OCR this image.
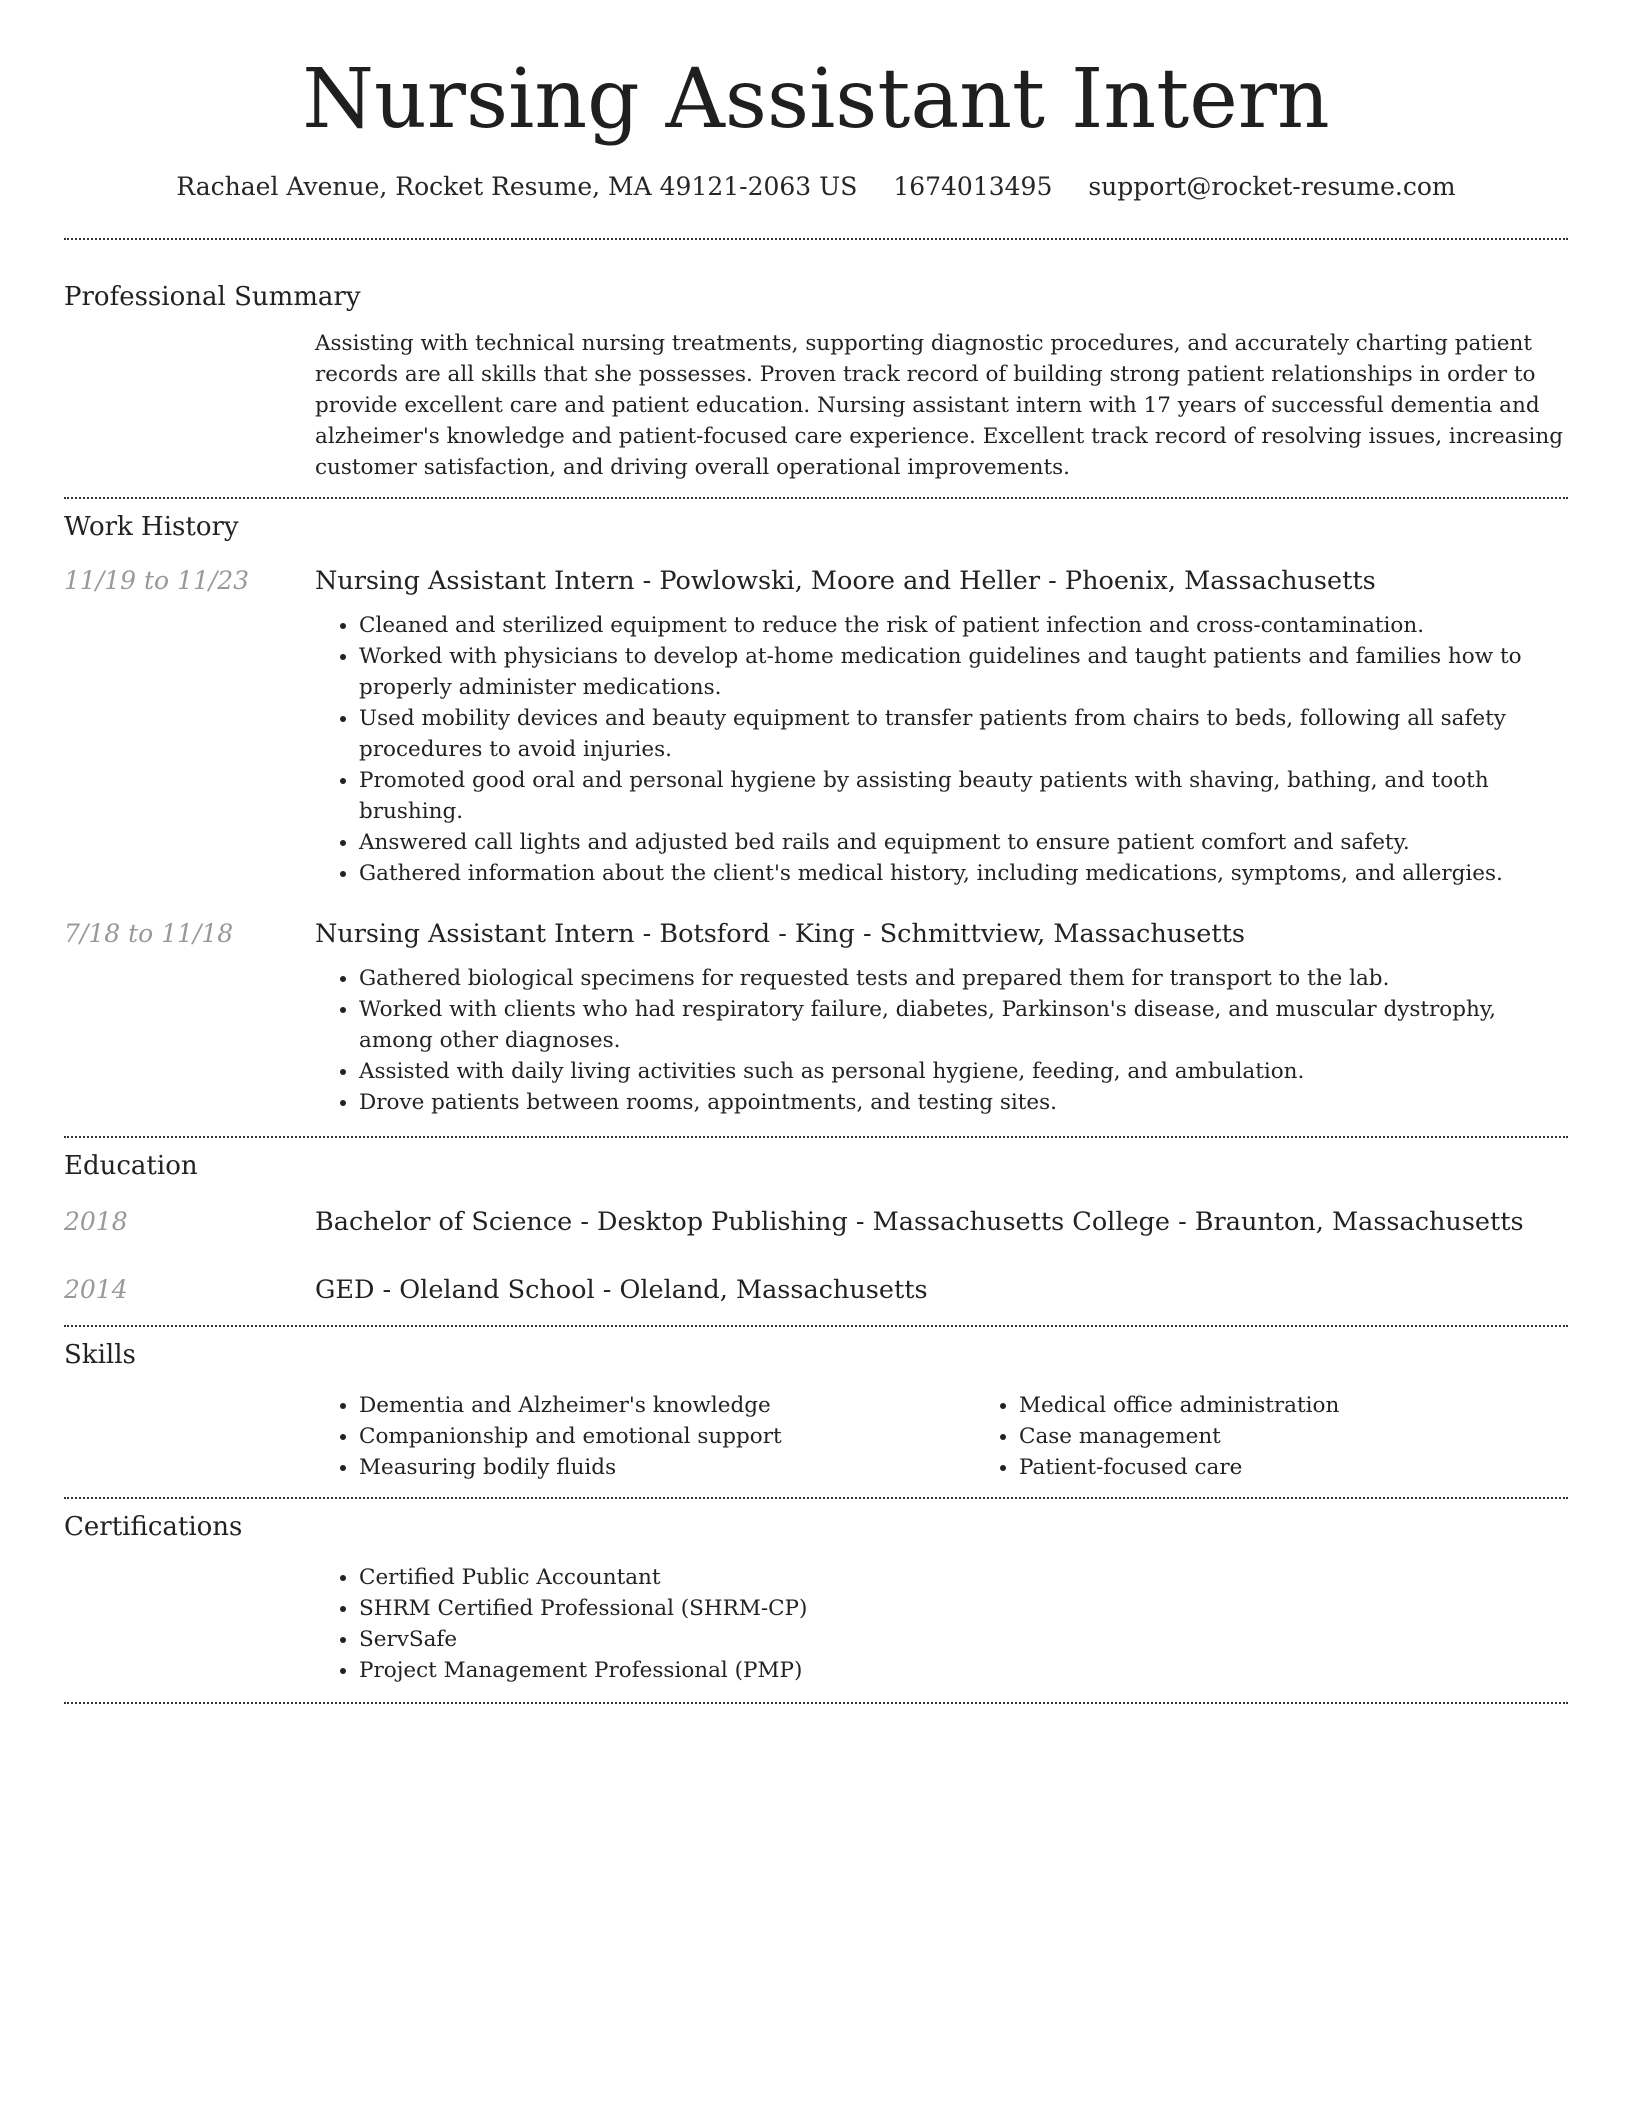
Nursing Assistant Intern
Rachael Avenue, Rocket Resume, MA 49121-2063 US 1674013495 support@rocket-resume.com
Professional Summary

Assisting with technical nursing treatments, supporting diagnostic procedures, and accurately charting patient records are all skills that she possesses. Proven track record of building strong patient relationships in order to provide excellent care and patient education. Nursing assistant intern with 17 years of successful dementia and alzheimer's knowledge and patient-focused care experience. Excellent track record of resolving issues, increasing customer satisfaction, and driving overall operational improvements.

Work History
11/19 to 11/23	Nursing Assistant Intern - Powlowski, Moore and Heller - Phoenix, Massachusetts
• Cleaned and sterilized equipment to reduce the risk of patient infection and cross-contamination.
• Worked with physicians to develop at-home medication guidelines and taught patients and families how to properly administer medications.
• Used mobility devices and beauty equipment to transfer patients from chairs to beds, following all safety procedures to avoid injuries.
• Promoted good oral and personal hygiene by assisting beauty patients with shaving, bathing, and tooth brushing.
• Answered call lights and adjusted bed rails and equipment to ensure patient comfort and safety.
• Gathered information about the client's medical history, including medications, symptoms, and allergies.
7/18 to 11/18	Nursing Assistant Intern - Botsford - King - Schmittview, Massachusetts
• Gathered biological specimens for requested tests and prepared them for transport to the lab.
• Worked with clients who had respiratory failure, diabetes, Parkinson's disease, and muscular dystrophy, among other diagnoses.
• Assisted with daily living activities such as personal hygiene, feeding, and ambulation.
• Drove patients between rooms, appointments, and testing sites.
Education
2018	Bachelor of Science - Desktop Publishing - Massachusetts College - Braunton, Massachusetts
2014	GED - Oleland School - Oleland, Massachusetts
Skills
• Dementia and Alzheimer's knowledge
• Companionship and emotional support
• Measuring bodily fluids
• Medical office administration
• Case management
• Patient-focused care
Certifications
• Certified Public Accountant
• SHRM Certified Professional (SHRM-CP)
• ServSafe
• Project Management Professional (PMP)
